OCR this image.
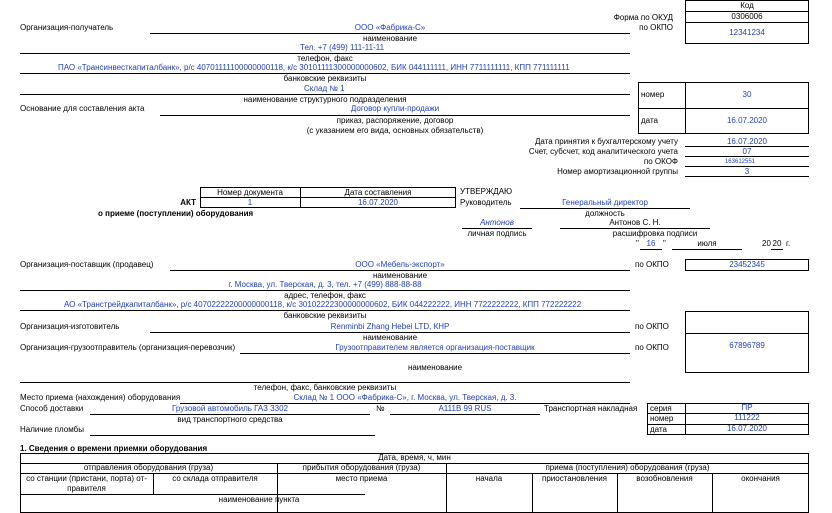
Код
Форма по ОКУД	0306006
по ОКПО
12341234
Организация-получатель	ООО «Фабрика-С»
наименование
Тел. +7 (499) 111-11-11
телефон, факс
ПАО «Трансинвесткапиталбанк», р/с 40701111100000000118, к/с 30101111300000000602, БИК 044111111, ИНН 7711111111, КПП 771111111
банковские реквизиты
Склад № 1
наименование структурного подразделения
Основание для составления акта	Договор купли-продажи
приказ, распоряжение, договор
(с указанием его вида, основных обязательств)
номер	30
дата	16.07.2020
Дата принятия к бухгалтерскому учету	16.07.2020
Счет, субсчет, код аналитического учета	07
по ОКОФ	163612551
Номер амортизационной группы	3
Номер документа	Дата составления
АКТ	1	16.07.2020
о приеме (поступлении) оборудования
УТВЕРЖДАЮ
Руководитель	Генеральный директор
должность
Антонов
личная подпись
Антонов С. Н.
расшифровка подписи
" 16 "	июля	20 20 г.
Организация-поставщик (продавец)	ООО «Мебель-экспорт»	по ОКПО	23452345
наименование
г. Москва, ул. Тверская, д. 3, тел. +7 (499) 888-88-88
адрес, телефон, факс
АО «Транстрейдкапиталбанк», р/с 40702222200000000118, к/с 30102222300000000602, БИК 044222222, ИНН 7722222222, КПП 772222222
банковские реквизиты
Организация-изготовитель	Renminbi Zhang Hebei LTD, КНР	по ОКПО
наименование
Организация-грузоотправитель (организация-перевозчик)	Грузоотправителем является организация-поставщик	по ОКПО	67896789
наименование
телефон, факс, банковские реквизиты
Место приема (нахождения) оборудования	Склад № 1 ООО «Фабрика-С», г. Москва, ул. Тверская, д. 3.
Способ доставки	Грузовой автомобиль ГАЗ 3302	№	А111В 99 RUS
вид транспортного средства
Транспортная накладная серия	ПР
номер	111222
дата	16.07.2020
Наличие пломбы
1. Сведения о времени приемки оборудования
Дата, время, ч, мин
отправления оборудования (груза)	прибытия оборудования (груза)	приема (поступления) оборудования (груза)
со станции (пристани, порта) от-правителя
со склада отправителя	место приема	начала	приостановления	возобновления	окончания
наименование пункта
